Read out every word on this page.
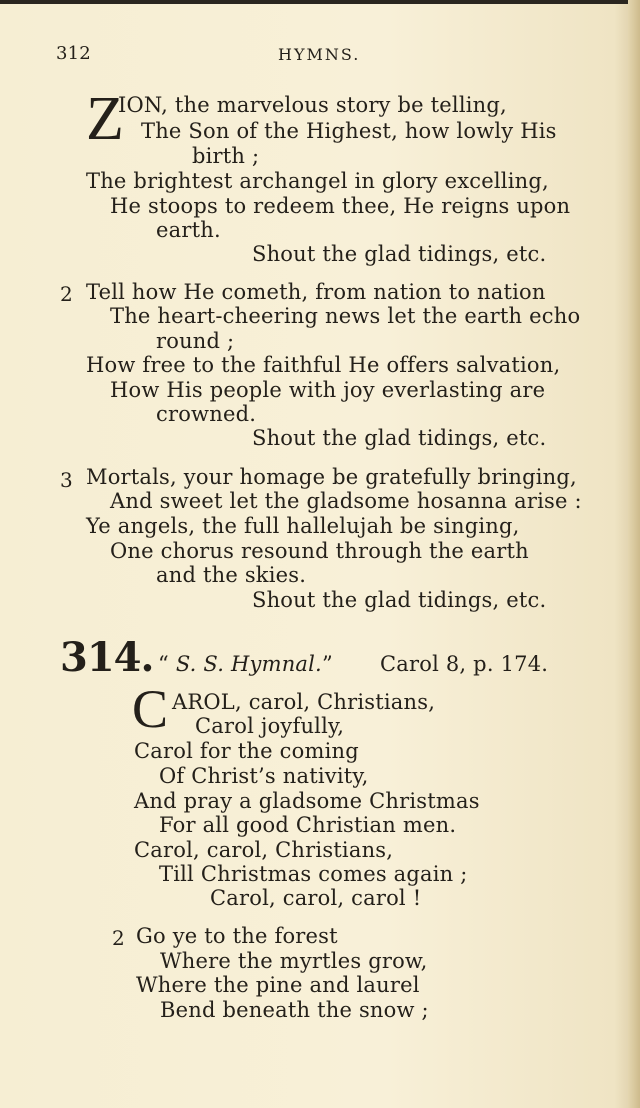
312	HYMNS.
Z
ION, the marvelous story be telling,
The Son of the Highest, how lowly His
birth ;
The brightest archangel in glory excelling,
He stoops to redeem thee, He reigns upon
earth.
Shout the glad tidings, etc.
2 Tell how He cometh, from nation to nation
The heart-cheering news let the earth echo
round ;
How free to the faithful He offers salvation,
How His people with joy everlasting are
crowned.
Shout the glad tidings, etc.
3 Mortals, your homage be gratefully bringing,
And sweet let the gladsome hosanna arise :
Ye angels, the full hallelujah be singing,
One chorus resound through the earth
and the skies.
Shout the glad tidings, etc.
314. “ S. S. Hymnal.” Carol 8, p. 174.
C AROL, carol, Christians,
Carol joyfully,
Carol for the coming
Of Christ’s nativity,
And pray a gladsome Christmas
For all good Christian men.
Carol, carol, Christians,
Till Christmas comes again ;
Carol, carol, carol !
2 Go ye to the forest
Where the myrtles grow,
Where the pine and laurel
Bend beneath the snow ;
